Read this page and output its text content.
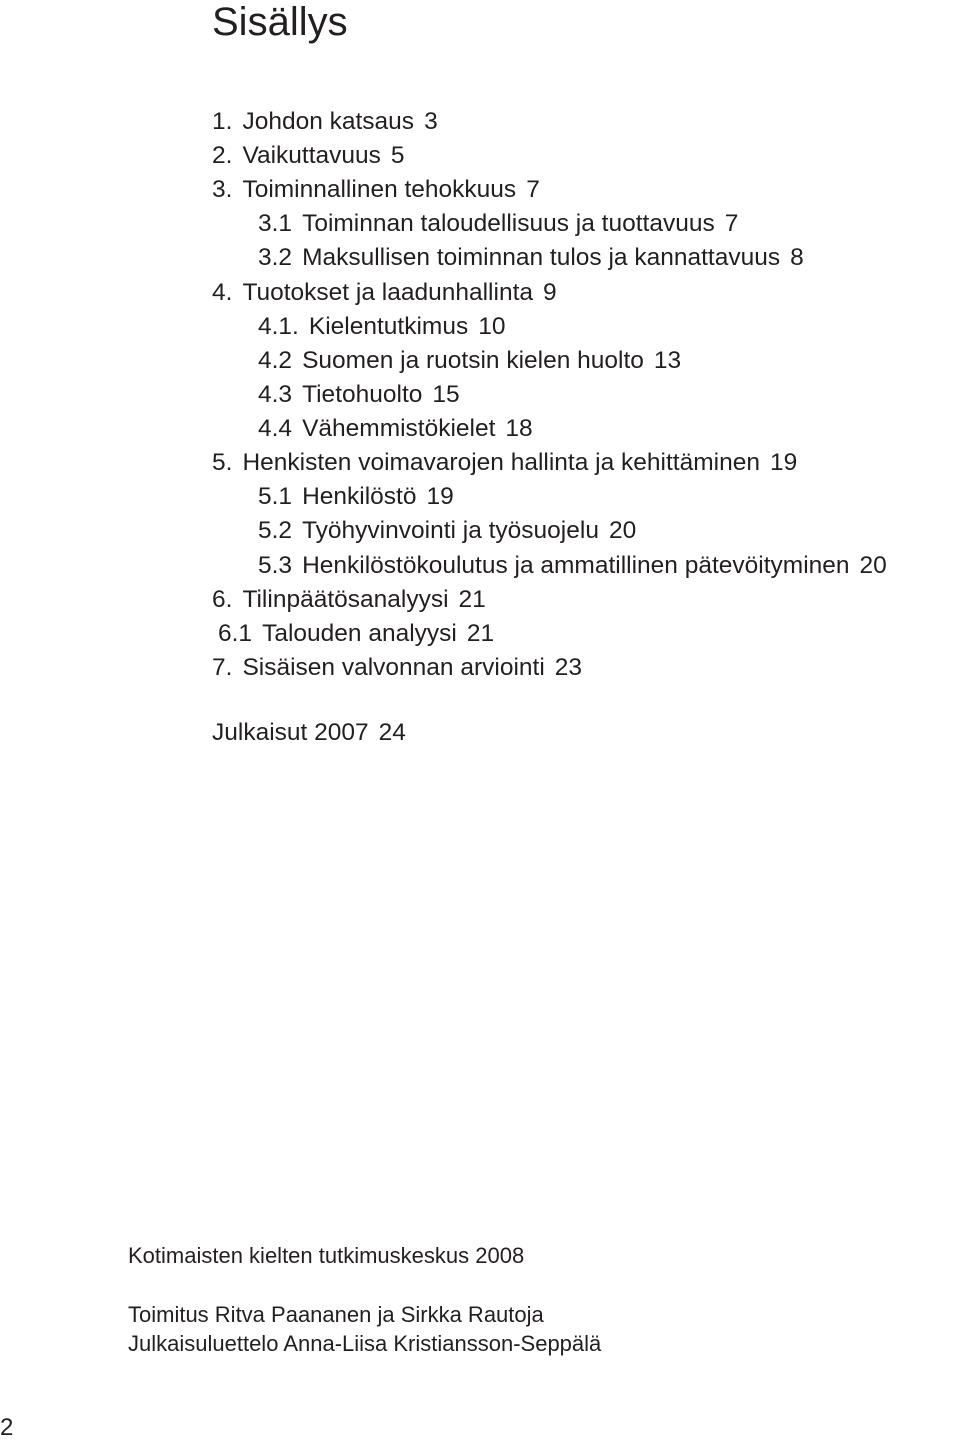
Sisällys
1. Johdon katsaus 3
2. Vaikuttavuus 5
3. Toiminnallinen tehokkuus 7
3.1 Toiminnan taloudellisuus ja tuottavuus 7
3.2 Maksullisen toiminnan tulos ja kannattavuus 8
4. Tuotokset ja laadunhallinta 9
4.1. Kielentutkimus 10
4.2 Suomen ja ruotsin kielen huolto 13
4.3 Tietohuolto 15
4.4 Vähemmistökielet 18
5. Henkisten voimavarojen hallinta ja kehittäminen 19
5.1 Henkilöstö 19
5.2 Työhyvinvointi ja työsuojelu 20
5.3 Henkilöstökoulutus ja ammatillinen pätevöityminen 20
6. Tilinpäätösanalyysi 21
6.1 Talouden analyysi 21
7. Sisäisen valvonnan arviointi 23
Julkaisut 2007 24
Kotimaisten kielten tutkimuskeskus 2008
Toimitus Ritva Paananen ja Sirkka Rautoja
Julkaisuluettelo Anna-Liisa Kristiansson-Seppälä
2
